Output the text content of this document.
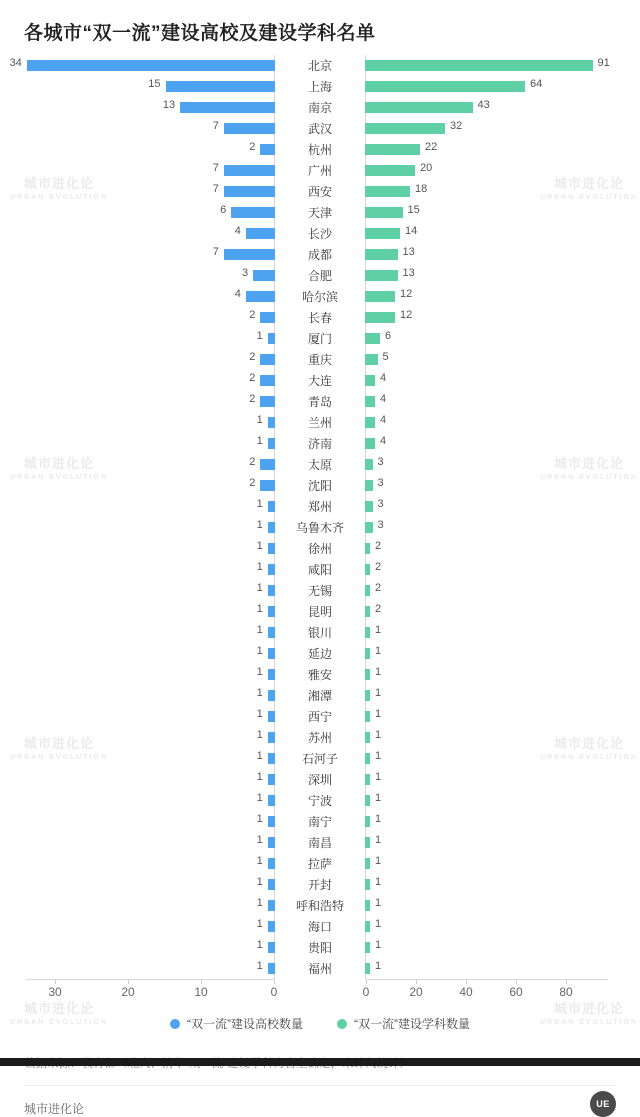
城市进化论
URBAN EVOLUTION
城市进化论
URBAN EVOLUTION
城市进化论
URBAN EVOLUTION
城市进化论
URBAN EVOLUTION
城市进化论
URBAN EVOLUTION
城市进化论
URBAN EVOLUTION
城市进化论
URBAN EVOLUTION
城市进化论
URBAN EVOLUTION
各城市“双一流”建设高校及建设学科名单
34	北京	91
15	上海	64
13	南京	43
7	武汉	32
2	杭州	22
7	广州	20
7	西安	18
6	天津	15
4	长沙	14
7	成都	13
3	合肥	13
4	哈尔滨	12
2	长春	12
1	厦门	6
2	重庆	5
2	大连	4
2	青岛	4
1	兰州	4
1	济南	4
2	太原	3
2	沈阳	3
1	郑州	3
1	乌鲁木齐	3
1	徐州	2
1	咸阳	2
1	无锡	2
1	昆明	2
1	银川	1
1	延边	1
1	雅安	1
1	湘潭	1
1	西宁	1
1	苏州	1
1	石河子	1
1	深圳	1
1	宁波	1
1	南宁	1
1	南昌	1
1	拉萨	1
1	开封	1
1	呼和浩特	1
1	海口	1
1	贵阳	1
1	福州	1
30	20	10	0	0	20	40	60	80
“双一流”建设高校数量	“双一流”建设学科数量
城市进化论	UE
